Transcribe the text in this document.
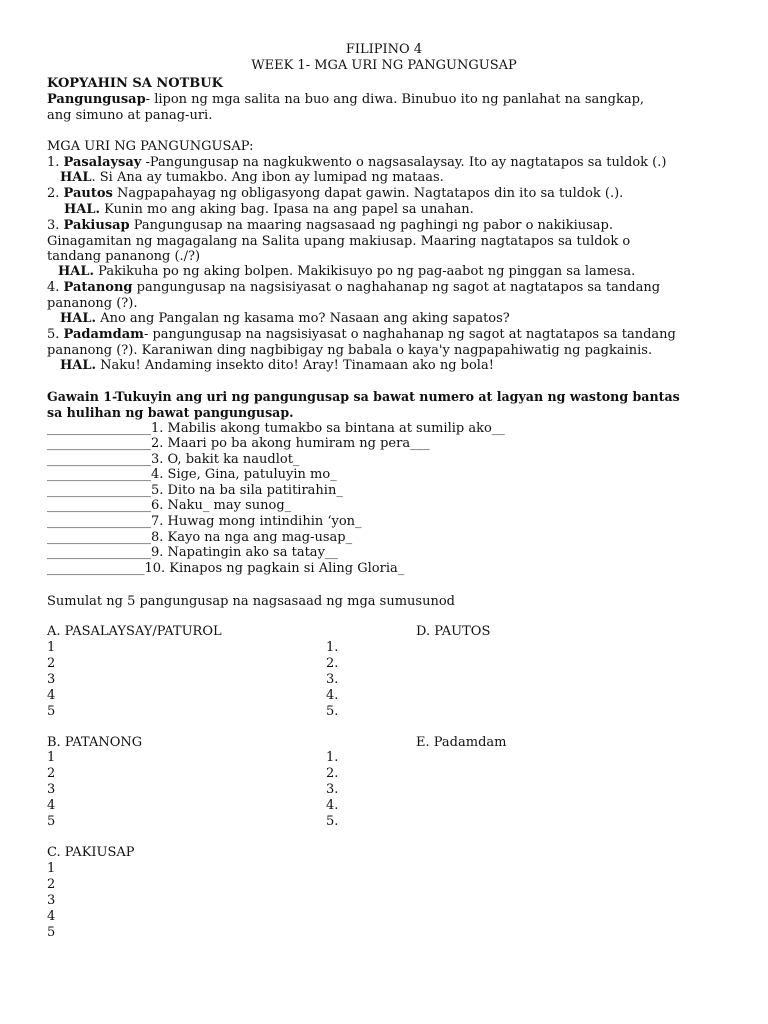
FILIPINO 4
WEEK 1- MGA URI NG PANGUNGUSAP
KOPYAHIN SA NOTBUK
Pangungusap- lipon ng mga salita na buo ang diwa. Binubuo ito ng panlahat na sangkap,
ang simuno at panag-uri.
MGA URI NG PANGUNGUSAP:
1. Pasalaysay -Pangungusap na nagkukwento o nagsasalaysay. Ito ay nagtatapos sa tuldok (.)
HAL. Si Ana ay tumakbo. Ang ibon ay lumipad ng mataas.
2. Pautos Nagpapahayag ng obligasyong dapat gawin. Nagtatapos din ito sa tuldok (.).
HAL. Kunin mo ang aking bag. Ipasa na ang papel sa unahan.
3. Pakiusap Pangungusap na maaring nagsasaad ng paghingi ng pabor o nakikiusap.
Ginagamitan ng magagalang na Salita upang makiusap. Maaring nagtatapos sa tuldok o
tandang pananong (./?)
HAL. Pakikuha po ng aking bolpen. Makikisuyo po ng pag-aabot ng pinggan sa lamesa.
4. Patanong pangungusap na nagsisiyasat o naghahanap ng sagot at nagtatapos sa tandang
pananong (?).
HAL. Ano ang Pangalan ng kasama mo? Nasaan ang aking sapatos?
5. Padamdam- pangungusap na nagsisiyasat o naghahanap ng sagot at nagtatapos sa tandang
pananong (?). Karaniwan ding nagbibigay ng babala o kaya'y nagpapahiwatig ng pagkainis.
HAL. Naku! Andaming insekto dito! Aray! Tinamaan ako ng bola!
Gawain 1-Tukuyin ang uri ng pangungusap sa bawat numero at lagyan ng wastong bantas
sa hulihan ng bawat pangungusap.
________________1. Mabilis akong tumakbo sa bintana at sumilip ako__
________________2. Maari po ba akong humiram ng pera___
________________3. O, bakit ka naudlot_
________________4. Sige, Gina, patuluyin mo_
________________5. Dito na ba sila patitirahin_
________________6. Naku_ may sunog_
________________7. Huwag mong intindihin ‘yon_
________________8. Kayo na nga ang mag-usap_
________________9. Napatingin ako sa tatay__
_______________10. Kinapos ng pagkain si Aling Gloria_
Sumulat ng 5 pangungusap na nagsasaad ng mga sumusunod
A. PASALAYSAY/PATUROL	D. PAUTOS
1
2
3
4
5
1.
2.
3.
4.
5.
B. PATANONG	E. Padamdam
1
2
3
4
5
1.
2.
3.
4.
5.
C. PAKIUSAP
1
2
3
4
5
